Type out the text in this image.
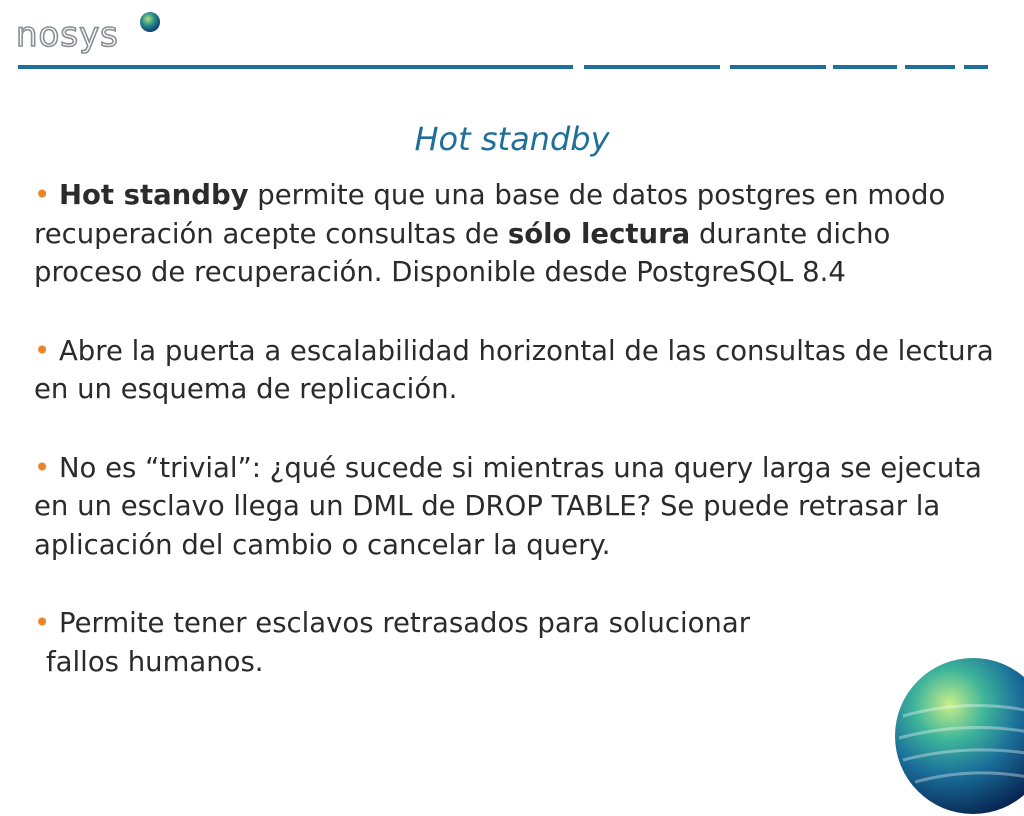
nosys
Hot standby
• Hot standby permite que una base de datos postgres en modo recuperación acepte consultas de sólo lectura durante dicho proceso de recuperación. Disponible desde PostgreSQL 8.4
• Abre la puerta a escalabilidad horizontal de las consultas de lectura en un esquema de replicación.
• No es “trivial”: ¿qué sucede si mientras una query larga se ejecuta en un esclavo llega un DML de DROP TABLE? Se puede retrasar la aplicación del cambio o cancelar la query.
• Permite tener esclavos retrasados para solucionar
fallos humanos.
